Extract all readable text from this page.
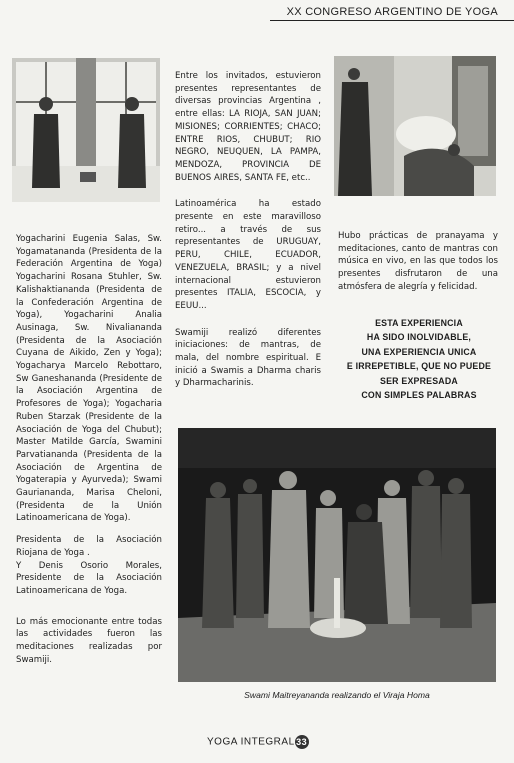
XX CONGRESO ARGENTINO DE YOGA

Yogacharini Eugenia Salas, Sw. Yogamatananda (Presidenta de la Federación Argentina de Yoga) Yogacharini Rosana Stuhler, Sw. Kalishaktiananda (Presidenta de la Confederación Argentina de Yoga), Yogacharini Analia Ausinaga, Sw. Nivalianandа (Presidenta de la Asociación Cuyana de Aikido, Zen y Yoga); Yogacharya Marcelo Rebottaro, Sw Ganeshananda (Presidente de la Asociación Argentina de Profesores de Yoga); Yogacharia Ruben Starzak (Presidente de la Asociación de Yoga del Chubut); Master Matilde García, Swamini Parvatiananda (Presidenta de la Asociación de Argentina de Yogaterapia y Ayurveda); Swami Gaurianandа, Marisa Cheloni, (Presidenta de la Unión Latinoamericana de Yoga).

Presidenta de la Asociación Riojana de Yoga .

Y Denis Osorio Morales, Presidente de la Asociación Latinoamericana de Yoga.

Lo más emocionante entre todas las actividades fueron las meditaciones realizadas por Swamiji.

Entre los invitados, estuvieron presentes representantes de diversas provincias Argentina , entre ellas: LA RIOJA, SAN JUAN; MISIONES; CORRIENTES; CHACO; ENTRE RIOS, CHUBUT; RIO NEGRO, NEUQUEN, LA PAMPA, MENDOZA, PROVINCIA DE BUENOS AIRES, SANTA FE, etc..

Latinoamérica ha estado presente en este maravilloso retiro... a través de sus representantes de URUGUAY, PERU, CHILE, ECUADOR, VENEZUELA, BRASIL; y a nivel internacional estuvieron presentes ITALIA, ESCOCIA, y EEUU...

Swamiji realizó diferentes iniciaciones: de mantras, de mala, del nombre espiritual. E inició a Swamis a Dharma charis y Dharmacharinis.

Hubo prácticas de pranayama y meditaciones, canto de mantras con música en vivo, en las que todos los presentes disfrutaron de una atmósfera de alegría y felicidad.

ESTA EXPERIENCIA
HA SIDO INOLVIDABLE,
UNA EXPERIENCIA UNICA
E IRREPETIBLE, QUE NO PUEDE
SER EXPRESADA
CON SIMPLES PALABRAS
Swami Maitreyananda realizando el Viraja Homa
YOGA INTEGRAL33
